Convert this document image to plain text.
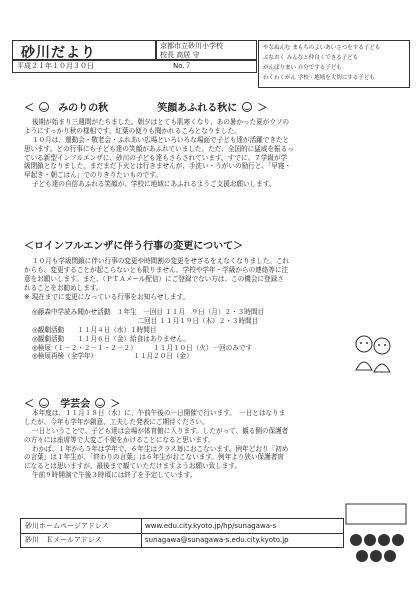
砂川だより	京都市立砂川小学校
校長 高居 守
平成２１年１０月３０日	No.７
やなぬんむ まもちのよいあいさつをする子ども
ぶなおく みんなと仲良くできる子ども
がんばりまい 自分でする子ども
わくわくがん 学校・地域を大切にする子ども
＜ みのりの秋	笑顔あふれる秋に ＞
後期が始まり三週間がたちました。朝夕はとても肌寒くなり、あの暑かった夏がウソの
ようにすっかり秋の様相です。紅葉の便りも聞かれるころとなりました。
１０月は、運動会・敬老会・ふれあい広場といろいろな場面で子ども達が活躍できたと
思います。どの行事にも子ども達の笑顔があふれていました。ただ、全国的に猛威を振るっ
ている新型インフルエンザに、砂川の子ども達もさらされています。すでに、７学級が学
級閉鎖となりました。まだまだ下火とは行きませんが、手洗い・うがいの励行と、「早寝・
早起き・朝ごはん」でのりきりたいものです。
子ども達の自信あふれる笑顔が、学校に地域にあふれるようご支援お願いします。
＜ロインフルエンザに伴う行事の変更について＞
１０月も学級閉鎖に伴い行事の変更や時間割の変更をせざるをえなくなりました。これ
からも、変更することが起こらないとも限りません。学校や学年・学級からの連絡等に注
意をお願いします。また、（ＰＴＡメール配信）にご登録でない方は、この機会に登録さ
れることをお勧めします。
※ 現在までに変更になっている行事をお知らせします。
◎藤森中学読み聞かせ活動　１年生　一回目 １１月　９日（月）２・３時間目
　　　　　　　　　　　　　　　　二回目 １１月１９日（木）２・３時間目
◎観劇活動　　１１月４日（水）１時間目
◎観劇活動　　１１月６日（金）給食はありません。
◎検尿（１－２・２－１・２－２）　　　１１月１０日（火）一回のみです
◎検尿再検（全学年）　　　　　　１１月２０日（金）
＜	学芸会 ＞
本年度は、１１月１８日（水）に、午前午後の一日開催で行います。　一日とはなりま
したが、今年も学年が創意、工夫した発表にご期待ください。
一日ということで、子ども達は会場が体育館に入ります。したがって、観る側の保護者
の方々には座席等で大変ご不便をかけることになると思います。
わかば、１年から５年は学年で、６年生はクラス毎におこないます。例年どおり「初め
の言葉」は１年生が、「終わりの言葉」は６年生がおこないます。例年より狭い保護者席
になるとは思いますが、最後まで観ていただけますようお願い致します。
午前９時開演で午後３時頃には終了を予定しています。
砂川ホームページアドレス	www.edu.city.kyoto.jp/hp/sunagawa-s
砂川　Ｅメールアドレス	sunagawa@sunagawa-s.edu.city.kyoto.jp
